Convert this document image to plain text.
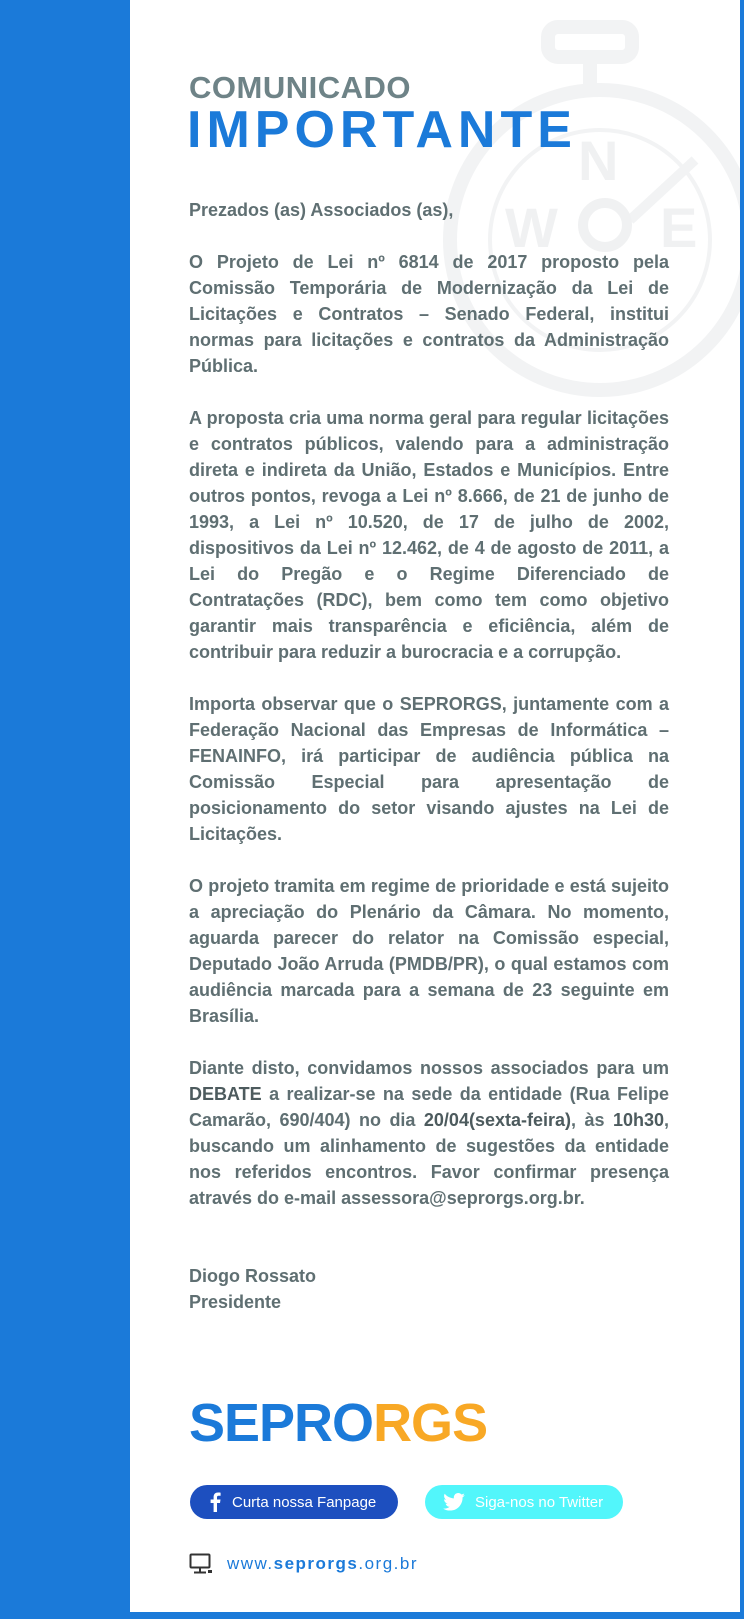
N
W E
COMUNICADO
IMPORTANTE
Prezados (as) Associados (as),
O Projeto de Lei nº 6814 de 2017 proposto pela Comissão Temporária de Modernização da Lei de Licitações e Contratos – Senado Federal, institui normas para licitações e contratos da Administração Pública.
A proposta cria uma norma geral para regular licitações e contratos públicos, valendo para a administração direta e indireta da União, Estados e Municípios. Entre outros pontos, revoga a Lei nº 8.666, de 21 de junho de 1993, a Lei nº 10.520, de 17 de julho de 2002, dispositivos da Lei nº 12.462, de 4 de agosto de 2011, a Lei do Pregão e o Regime Diferenciado de Contratações (RDC), bem como tem como objetivo garantir mais transparência e eficiência, além de contribuir para reduzir a burocracia e a corrupção.
Importa observar que o SEPRORGS, juntamente com a Federação Nacional das Empresas de Informática – FENAINFO, irá participar de audiência pública na Comissão Especial para apresentação de posicionamento do setor visando ajustes na Lei de Licitações.
O projeto tramita em regime de prioridade e está sujeito a apreciação do Plenário da Câmara. No momento, aguarda parecer do relator na Comissão especial, Deputado João Arruda (PMDB/PR), o qual estamos com audiência marcada para a semana de 23 seguinte em Brasília.
Diante disto, convidamos nossos associados para um DEBATE a realizar-se na sede da entidade (Rua Felipe Camarão, 690/404) no dia 20/04(sexta-feira), às 10h30, buscando um alinhamento de sugestões da entidade nos referidos encontros. Favor confirmar presença através do e-mail assessora@seprorgs.org.br.
Diogo Rossato
Presidente
SEPRORGS
Curta nossa Fanpage	Siga-nos no Twitter
www.seprorgs.org.br
